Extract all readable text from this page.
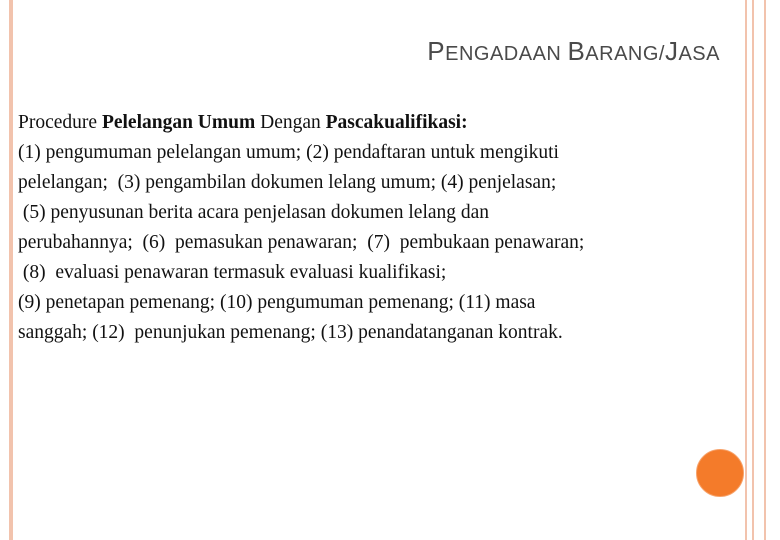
PENGADAAN BARANG/JASA
Procedure Pelelangan Umum Dengan Pascakualifikasi:
(1) pengumuman pelelangan umum; (2) pendaftaran untuk mengikuti
pelelangan;  (3) pengambilan dokumen lelang umum; (4) penjelasan;
(5) penyusunan berita acara penjelasan dokumen lelang dan
perubahannya;  (6)  pemasukan penawaran;  (7)  pembukaan penawaran;
(8)  evaluasi penawaran termasuk evaluasi kualifikasi;
(9) penetapan pemenang; (10) pengumuman pemenang; (11) masa
sanggah; (12)  penunjukan pemenang; (13) penandatanganan kontrak.
